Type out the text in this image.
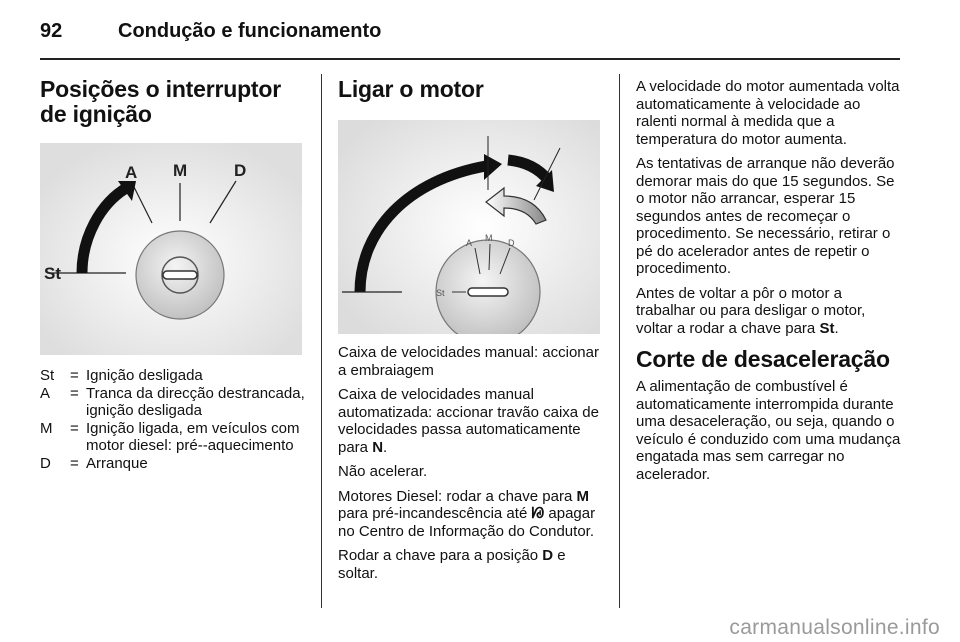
92	Condução e funcionamento
Posições o interruptor de ignição
A M	D
St
St	= Ignição desligada
A	= Tranca da direcção destrancada, ignição desligada
M	= Ignição ligada, em veículos com motor diesel: pré--aquecimento
D	= Arranque
Ligar o motor
St
A M D

Caixa de velocidades manual: accionar a embraiagem

Caixa de velocidades manual automatizada: accionar travão caixa de velocidades passa automaticamente para N.

Não acelerar.

Motores Diesel: rodar a chave para M para pré-incandescência até ᘘ apagar no Centro de Informação do Condutor.

Rodar a chave para a posição D e soltar.

A velocidade do motor aumentada volta automaticamente à velocidade ao ralenti normal à medida que a temperatura do motor aumenta.

As tentativas de arranque não deverão demorar mais do que 15 segundos. Se o motor não arrancar, esperar 15 segundos antes de recomeçar o procedimento. Se necessário, retirar o pé do acelerador antes de repetir o procedimento.

Antes de voltar a pôr o motor a trabalhar ou para desligar o motor, voltar a rodar a chave para St.

Corte de desaceleração

A alimentação de combustível é automaticamente interrompida durante uma desaceleração, ou seja, quando o veículo é conduzido com uma mudança engatada mas sem carregar no acelerador.

carmanualsonline.info
